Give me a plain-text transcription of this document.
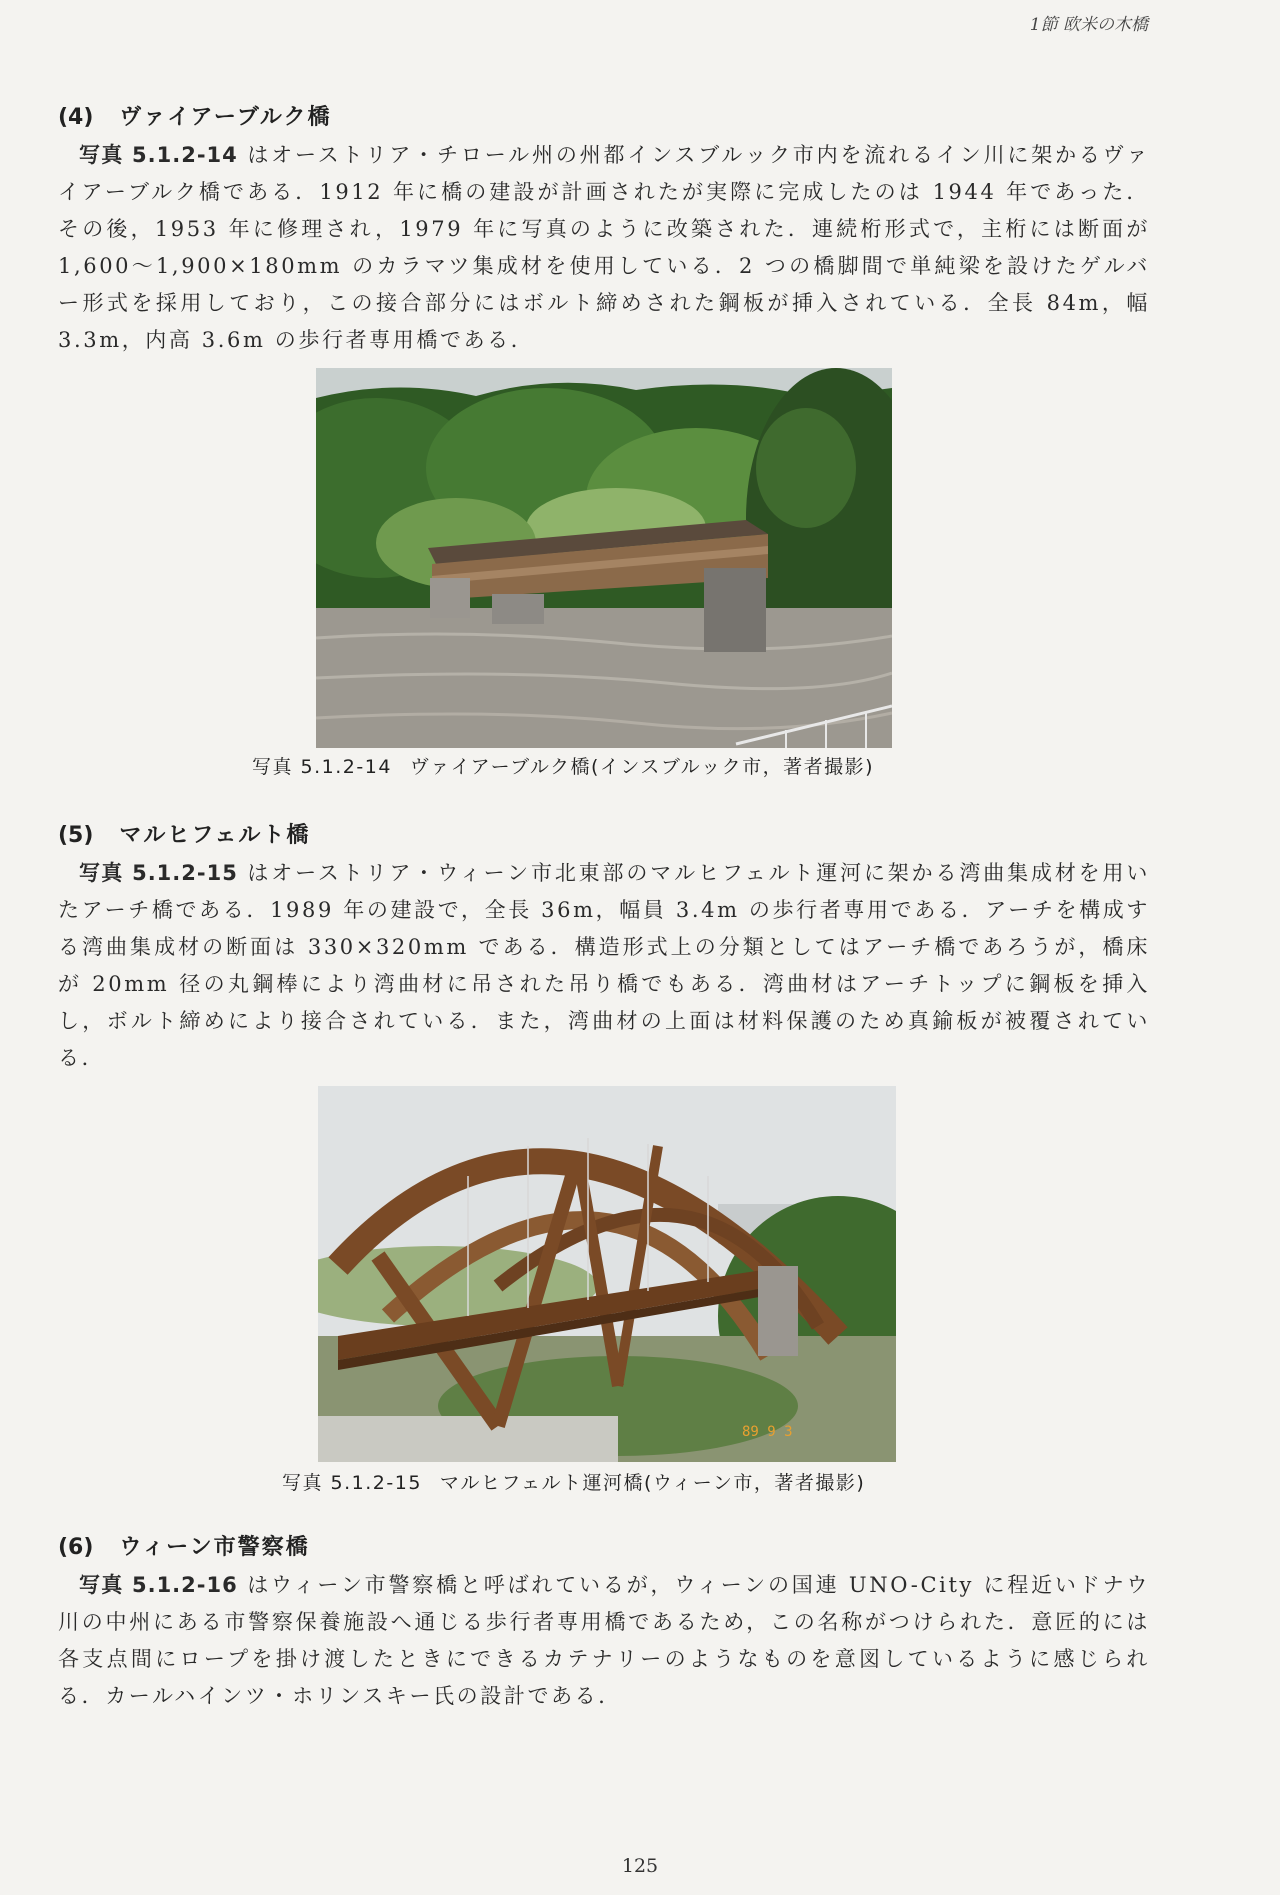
1節 欧米の木橋
(4) ヴァイアーブルク橋

写真 5.1.2-14 はオーストリア・チロール州の州都インスブルック市内を流れるイン川に架かるヴァイアーブルク橋である．1912 年に橋の建設が計画されたが実際に完成したのは 1944 年であった．その後，1953 年に修理され，1979 年に写真のように改築された．連続桁形式で，主桁には断面が 1,600～1,900×180mm のカラマツ集成材を使用している．2 つの橋脚間で単純梁を設けたゲルバー形式を採用しており，この接合部分にはボルト締めされた鋼板が挿入されている．全長 84m，幅 3.3m，内高 3.6m の歩行者専用橋である．

写真 5.1.2-14 ヴァイアーブルク橋(インスブルック市，著者撮影)
(5) マルヒフェルト橋

写真 5.1.2-15 はオーストリア・ウィーン市北東部のマルヒフェルト運河に架かる湾曲集成材を用いたアーチ橋である．1989 年の建設で，全長 36m，幅員 3.4m の歩行者専用である．アーチを構成する湾曲集成材の断面は 330×320mm である．構造形式上の分類としてはアーチ橋であろうが，橋床が 20mm 径の丸鋼棒により湾曲材に吊された吊り橋でもある．湾曲材はアーチトップに鋼板を挿入し，ボルト締めにより接合されている．また，湾曲材の上面は材料保護のため真鍮板が被覆されている．

89 9 3
写真 5.1.2-15 マルヒフェルト運河橋(ウィーン市，著者撮影)
(6) ウィーン市警察橋

写真 5.1.2-16 はウィーン市警察橋と呼ばれているが，ウィーンの国連 UNO-City に程近いドナウ川の中州にある市警察保養施設へ通じる歩行者専用橋であるため，この名称がつけられた．意匠的には各支点間にロープを掛け渡したときにできるカテナリーのようなものを意図しているように感じられる．カールハインツ・ホリンスキー氏の設計である．

125
